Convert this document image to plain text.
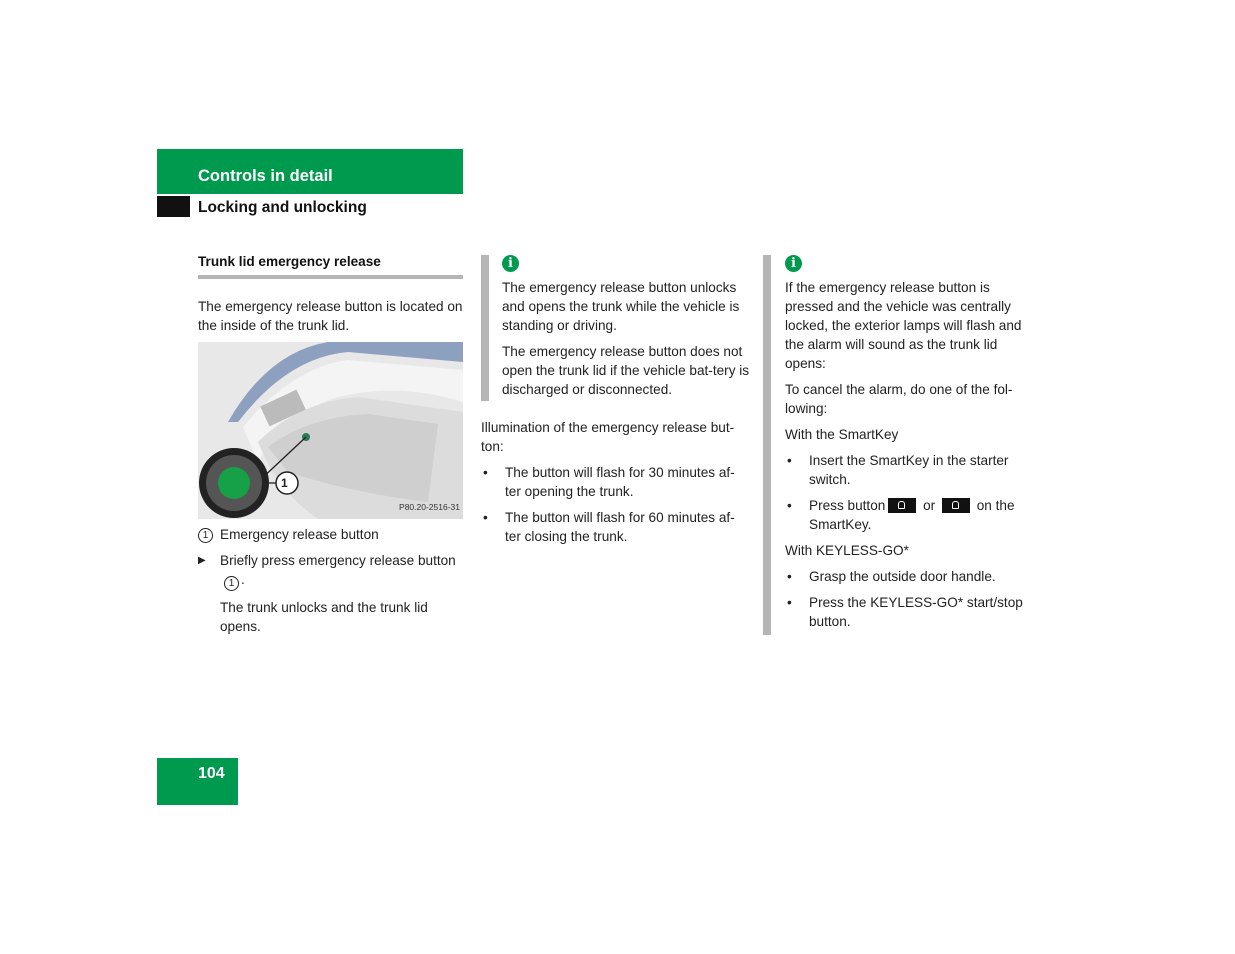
Controls in detail
Locking and unlocking
Trunk lid emergency release

The emergency release button is located on the inside of the trunk lid.

1
P80.20-2516-31
1 Emergency release button
▶	Briefly press emergency release button1 .

The trunk unlocks and the trunk lid opens.

i

The emergency release button unlocks and opens the trunk while the vehicle is standing or driving.

The emergency release button does not open the trunk lid if the vehicle bat-tery is discharged or disconnected.

Illumination of the emergency release but-ton:

•	The button will flash for 30 minutes af-ter opening the trunk.
•	The button will flash for 60 minutes af-ter closing the trunk.
i

If the emergency release button is pressed and the vehicle was centrally locked, the exterior lamps will flash and the alarm will sound as the trunk lid opens:

To cancel the alarm, do one of the fol-lowing:

With the SmartKey

•	Insert the SmartKey in the starter switch.
•	Press button	or	on the SmartKey.

With KEYLESS-GO*

•	Grasp the outside door handle.
•	Press the KEYLESS-GO* start/stop button.
104
